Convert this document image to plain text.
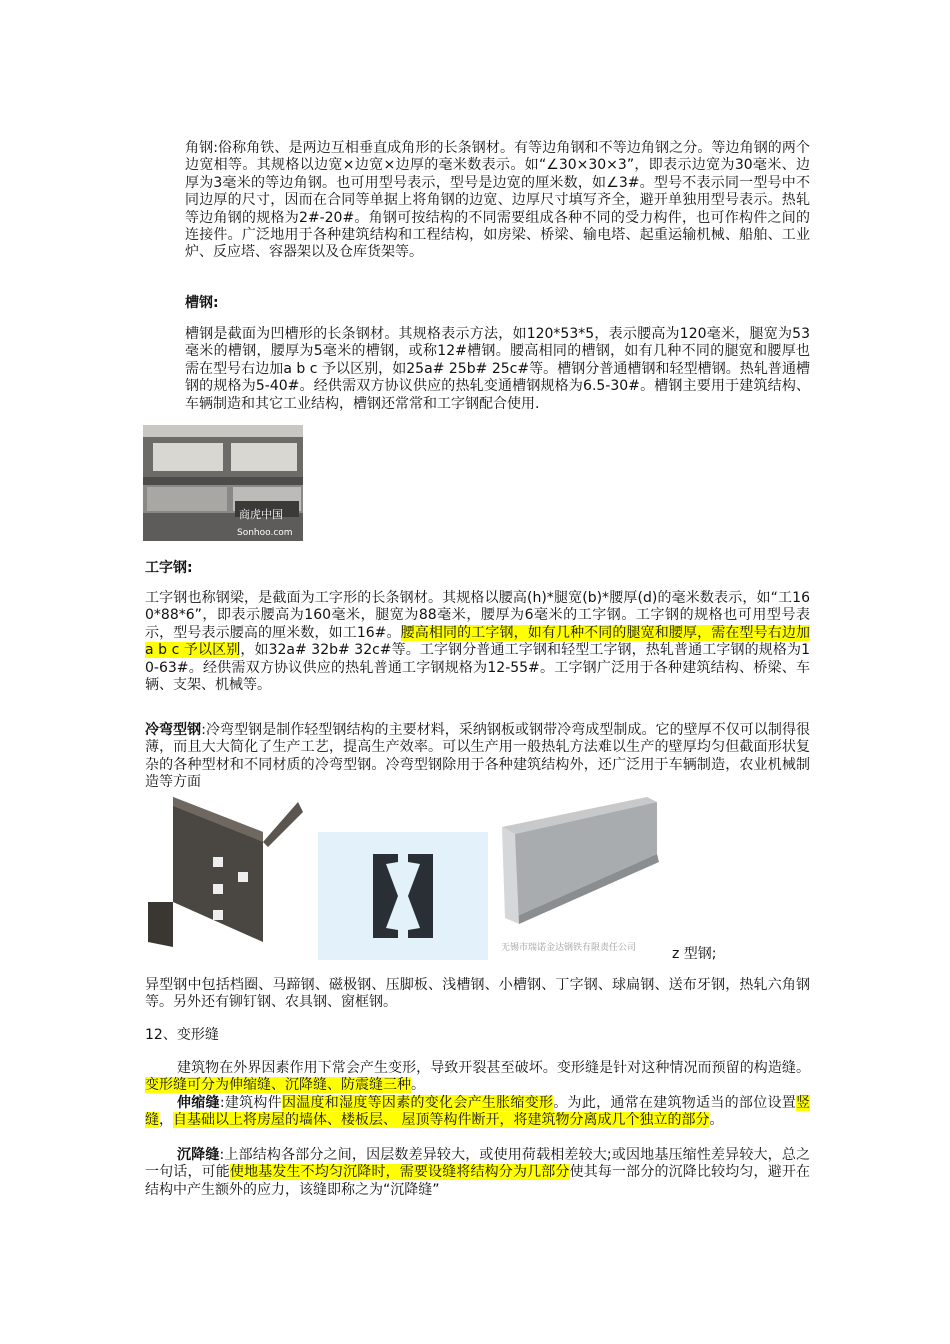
角钢:俗称角铁、是两边互相垂直成角形的长条钢材。有等边角钢和不等边角钢之分。等边角钢的两个边宽相等。其规格以边宽×边宽×边厚的毫米数表示。如“∠30×30×3”，即表示边宽为30毫米、边厚为3毫米的等边角钢。也可用型号表示，型号是边宽的厘米数，如∠3#。型号不表示同一型号中不同边厚的尺寸，因而在合同等单据上将角钢的边宽、边厚尺寸填写齐全，避开单独用型号表示。热轧等边角钢的规格为2#-20#。角钢可按结构的不同需要组成各种不同的受力构件，也可作构件之间的连接件。广泛地用于各种建筑结构和工程结构，如房梁、桥梁、输电塔、起重运输机械、船舶、工业炉、反应塔、容器架以及仓库货架等。

槽钢:

槽钢是截面为凹槽形的长条钢材。其规格表示方法，如120*53*5，表示腰高为120毫米，腿宽为53毫米的槽钢，腰厚为5毫米的槽钢，或称12#槽钢。腰高相同的槽钢，如有几种不同的腿宽和腰厚也需在型号右边加a b c 予以区别，如25a# 25b# 25c#等。槽钢分普通槽钢和轻型槽钢。热轧普通槽钢的规格为5-40#。经供需双方协议供应的热轧变通槽钢规格为6.5-30#。槽钢主要用于建筑结构、车辆制造和其它工业结构，槽钢还常常和工字钢配合使用.

商虎中国
Sonhoo.com

工字钢:

工字钢也称钢梁，是截面为工字形的长条钢材。其规格以腰高(h)*腿宽(b)*腰厚(d)的毫米数表示，如“工160*88*6”，即表示腰高为160毫米，腿宽为88毫米，腰厚为6毫米的工字钢。工字钢的规格也可用型号表示，型号表示腰高的厘米数，如工16#。腰高相同的工字钢，如有几种不同的腿宽和腰厚，需在型号右边加a b c 予以区别，如32a# 32b# 32c#等。工字钢分普通工字钢和轻型工字钢，热轧普通工字钢的规格为10-63#。经供需双方协议供应的热轧普通工字钢规格为12-55#。工字钢广泛用于各种建筑结构、桥梁、车辆、支架、机械等。

冷弯型钢:冷弯型钢是制作轻型钢结构的主要材料，采纳钢板或钢带冷弯成型制成。它的壁厚不仅可以制得很薄，而且大大简化了生产工艺，提高生产效率。可以生产用一般热轧方法难以生产的壁厚均匀但截面形状复杂的各种型材和不同材质的冷弯型钢。冷弯型钢除用于各种建筑结构外，还广泛用于车辆制造，农业机械制造等方面

无锡市瑞诺金达钢铁有限责任公司	z 型钢;

异型钢中包括档圈、马蹄钢、磁极钢、压脚板、浅槽钢、小槽钢、丁字钢、球扁钢、送布牙钢，热轧六角钢等。另外还有铆钉钢、农具钢、窗框钢。

12、变形缝

建筑物在外界因素作用下常会产生变形，导致开裂甚至破坏。变形缝是针对这种情况而预留的构造缝。变形缝可分为伸缩缝、沉降缝、防震缝三种。

伸缩缝:建筑构件因温度和湿度等因素的变化会产生胀缩变形。为此，通常在建筑物适当的部位设置竖缝，自基础以上将房屋的墙体、楼板层、 屋顶等构件断开，将建筑物分离成几个独立的部分。

沉降缝:上部结构各部分之间，因层数差异较大，或使用荷载相差较大;或因地基压缩性差异较大，总之一句话，可能使地基发生不均匀沉降时，需要设缝将结构分为几部分使其每一部分的沉降比较均匀，避开在结构中产生额外的应力，该缝即称之为“沉降缝”
